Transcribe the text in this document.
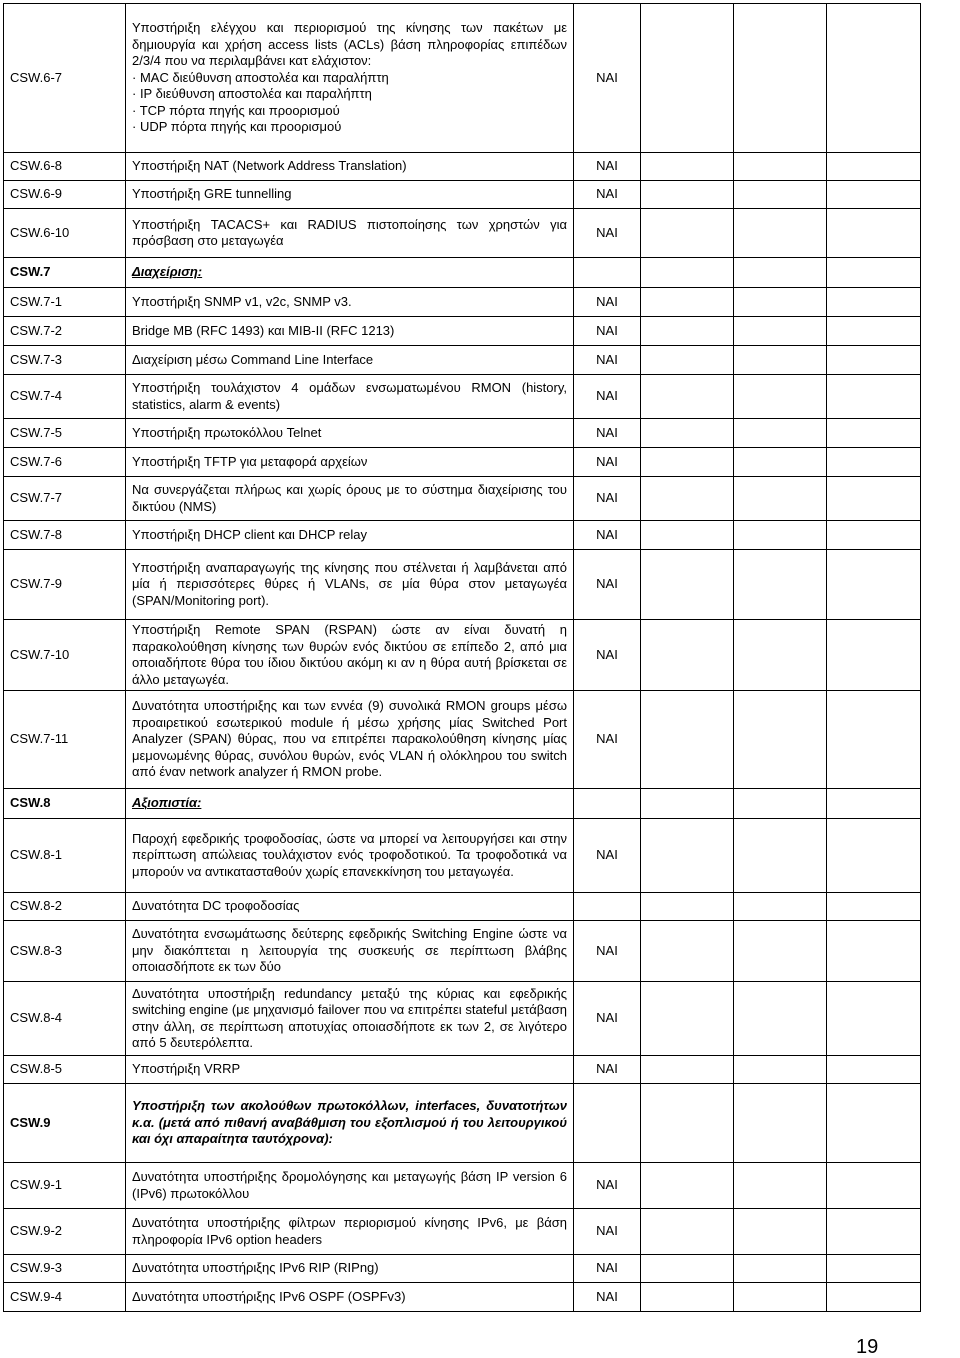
CSW.6-7	Υποστήριξη ελέγχου και περιορισμού της κίνησης των πακέτων με δημιουργία και χρήση access lists (ACLs) βάση πληροφορίας επιπέδων 2/3/4 που να περιλαμβάνει κατ ελάχιστον:
· MAC διεύθυνση αποστολέα και παραλήπτη
· IP διεύθυνση αποστολέα και παραλήπτη
· TCP πόρτα πηγής και προορισμού
· UDP πόρτα πηγής και προορισμού	ΝΑΙ			
CSW.6-8	Υποστήριξη NAT (Network Address Translation)	ΝΑΙ			
CSW.6-9	Υποστήριξη GRE tunnelling	ΝΑΙ			
CSW.6-10	Υποστήριξη TACACS+ και RADIUS πιστοποίησης των χρηστών για πρόσβαση στο μεταγωγέα	ΝΑΙ			
CSW.7	Διαχείριση:				
CSW.7-1	Υποστήριξη SNMP v1, v2c, SNMP v3.	ΝΑΙ			
CSW.7-2	Bridge MB (RFC 1493) και MIB-II (RFC 1213)	ΝΑΙ			
CSW.7-3	Διαχείριση μέσω Command Line Interface	ΝΑΙ			
CSW.7-4	Υποστήριξη τουλάχιστον 4 ομάδων ενσωματωμένου RMON (history, statistics, alarm & events)	ΝΑΙ			
CSW.7-5	Υποστήριξη πρωτοκόλλου Telnet	ΝΑΙ			
CSW.7-6	Υποστήριξη TFTP για μεταφορά αρχείων	ΝΑΙ			
CSW.7-7	Να συνεργάζεται πλήρως και χωρίς όρους με το σύστημα διαχείρισης του δικτύου (NMS)	ΝΑΙ			
CSW.7-8	Υποστήριξη DHCP client και DHCP relay	ΝΑΙ			
CSW.7-9	Υποστήριξη αναπαραγωγής της κίνησης που στέλνεται ή λαμβάνεται από μία ή περισσότερες θύρες ή VLANs, σε μία θύρα στον μεταγωγέα (SPAN/Monitoring port).	ΝΑΙ			
CSW.7-10	Υποστήριξη Remote SPAN (RSPAN) ώστε αν είναι δυνατή η παρακολούθηση κίνησης των θυρών ενός δικτύου σε επίπεδο 2, από μια οποιαδήποτε θύρα του ίδιου δικτύου ακόμη κι αν η θύρα αυτή βρίσκεται σε άλλο μεταγωγέα.	ΝΑΙ			
CSW.7-11	Δυνατότητα υποστήριξης και των εννέα (9) συνολικά RMON groups μέσω προαιρετικού εσωτερικού module ή μέσω χρήσης μίας Switched Port Analyzer (SPAN) θύρας, που να επιτρέπει παρακολούθηση κίνησης μίας μεμονωμένης θύρας, συνόλου θυρών, ενός VLAN ή ολόκληρου του switch από έναν network analyzer ή RMON probe.	ΝΑΙ			
CSW.8	Αξιοπιστία:				
CSW.8-1	Παροχή εφεδρικής τροφοδοσίας, ώστε να μπορεί να λειτουργήσει και στην περίπτωση απώλειας τουλάχιστον ενός τροφοδοτικού. Τα τροφοδοτικά να μπορούν να αντικατασταθούν χωρίς επανεκκίνηση του μεταγωγέα.	ΝΑΙ			
CSW.8-2	Δυνατότητα DC τροφοδοσίας				
CSW.8-3	Δυνατότητα ενσωμάτωσης δεύτερης εφεδρικής Switching Engine ώστε να μην διακόπτεται η λειτουργία της συσκευής σε περίπτωση βλάβης οποιασδήποτε εκ των δύο	ΝΑΙ			
CSW.8-4	Δυνατότητα υποστήριξη redundancy μεταξύ της κύριας και εφεδρικής switching engine (με μηχανισμό failover που να επιτρέπει stateful μετάβαση στην άλλη, σε περίπτωση αποτυχίας οποιασδήποτε εκ των 2, σε λιγότερο από 5 δευτερόλεπτα.	ΝΑΙ			
CSW.8-5	Υποστήριξη VRRP	ΝΑΙ			
CSW.9	Υποστήριξη των ακολούθων πρωτοκόλλων, interfaces, δυνατοτήτων κ.α. (μετά από πιθανή αναβάθμιση του εξοπλισμού ή του λειτουργικού και όχι απαραίτητα ταυτόχρονα):				
CSW.9-1	Δυνατότητα υποστήριξης δρομολόγησης και μεταγωγής βάση IP version 6 (IPv6) πρωτοκόλλου	ΝΑΙ			
CSW.9-2	Δυνατότητα υποστήριξης φίλτρων περιορισμού κίνησης IPv6, με βάση πληροφορία IPv6 option headers	ΝΑΙ			
CSW.9-3	Δυνατότητα υποστήριξης IPv6 RIP (RIPng)	ΝΑΙ			
CSW.9-4	Δυνατότητα υποστήριξης IPv6 OSPF (OSPFv3)	ΝΑΙ			
19
